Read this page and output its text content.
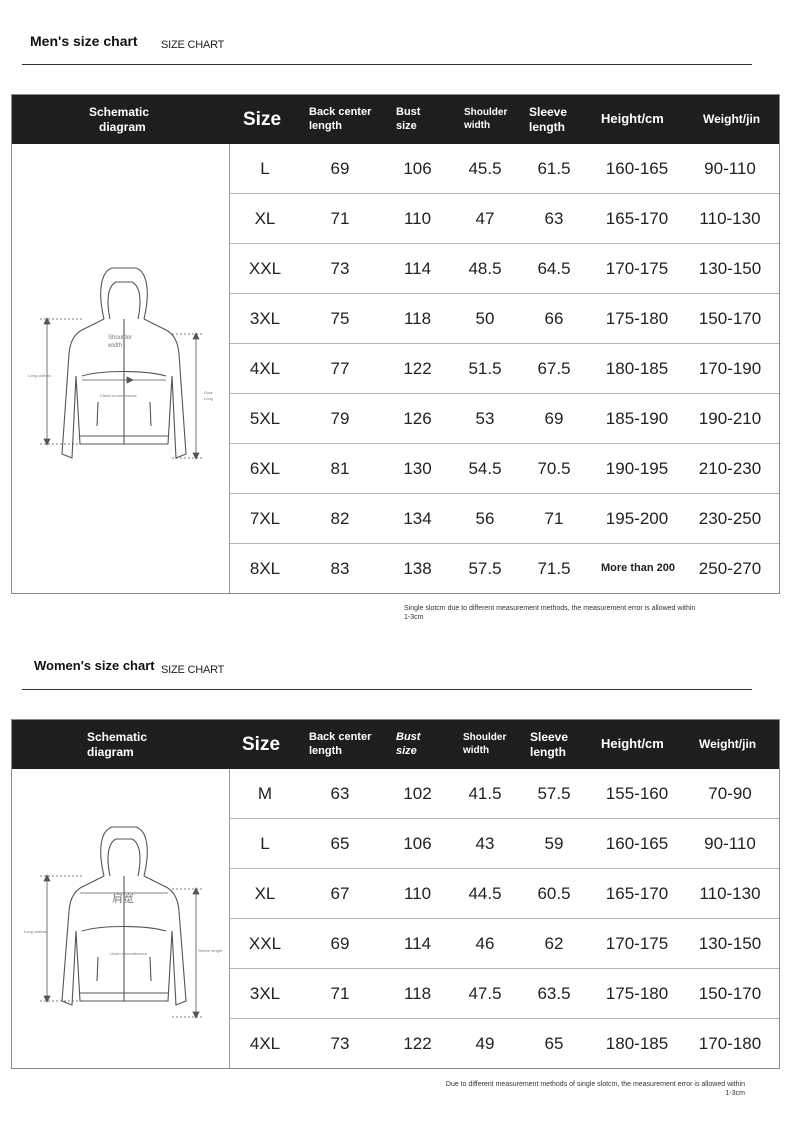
Men's size chart SIZE CHART
Schematic
diagram	Size	Back center
length
Bust
size
Shoulder
width
Sleeve
length
Height/cm	Weight/jin
Shoulder
width
Chest circumference
Long clothes
Goal
Long
L	69	106	45.5	61.5	160-165	90-110
XL	71	110	47	63	165-170	110-130
XXL	73	114	48.5	64.5	170-175	130-150
3XL	75	118	50	66	175-180	150-170
4XL	77	122	51.5	67.5	180-185	170-190
5XL	79	126	53	69	185-190	190-210
6XL	81	130	54.5	70.5	190-195	210-230
7XL	82	134	56	71	195-200	230-250
8XL	83	138	57.5	71.5	More than 200	250-270
Single slotcm due to different measurement methods, the measurement error is allowed within
1-3cm
Women's size chart SIZE CHART
Schematic
diagram	Size	Back center
length
Bust
size
Shoulder
width
Sleeve
length
Height/cm	Weight/jin
肩宽
Under circumference
Long clothes
Sleeve length
M	63	102	41.5	57.5	155-160	70-90
L	65	106	43	59	160-165	90-110
XL	67	110	44.5	60.5	165-170	110-130
XXL	69	114	46	62	170-175	130-150
3XL	71	118	47.5	63.5	175-180	150-170
4XL	73	122	49	65	180-185	170-180
Due to different measurement methods of single slotcm, the measurement error is allowed within
1-3cm
